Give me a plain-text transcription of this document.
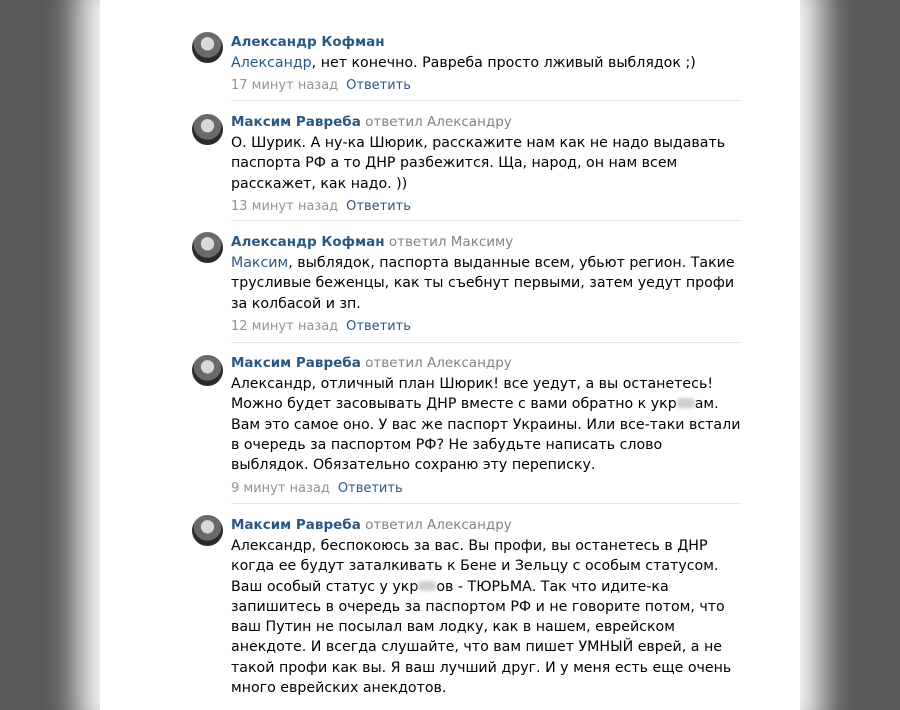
Александр Кофман
Александр, нет конечно. Равреба просто лживый выблядок ;)
17 минут назад Ответить
Максим Равреба ответил Александру
О. Шурик. А ну-ка Шюрик, расскажите нам как не надо выдавать паспорта РФ а то ДНР разбежится. Ща, народ, он нам всем расскажет, как надо. ))
13 минут назад Ответить
Александр Кофман ответил Максиму
Максим, выблядок, паспорта выданные всем, убьют регион. Такие трусливые беженцы, как ты съебнут первыми, затем уедут профи за колбасой и зп.
12 минут назад Ответить
Максим Равреба ответил Александру
Александр, отличный план Шюрик! все уедут, а вы останетесь! Можно будет засовывать ДНР вместе с вами обратно к укр ам. Вам это самое оно. У вас же паспорт Украины. Или все-таки встали в очередь за паспортом РФ? Не забудьте написать слово выблядок. Обязательно сохраню эту переписку.
9 минут назад Ответить
Максим Равреба ответил Александру
Александр, беспокоюсь за вас. Вы профи, вы останетесь в ДНР когда ее будут заталкивать к Бене и Зельцу с особым статусом. Ваш особый статус у укр ов - ТЮРЬМА. Так что идите-ка запишитесь в очередь за паспортом РФ и не говорите потом, что ваш Путин не посылал вам лодку, как в нашем, еврейском анекдоте. И всегда слушайте, что вам пишет УМНЫЙ еврей, а не такой профи как вы. Я ваш лучший друг. И у меня есть еще очень много еврейских анекдотов.
